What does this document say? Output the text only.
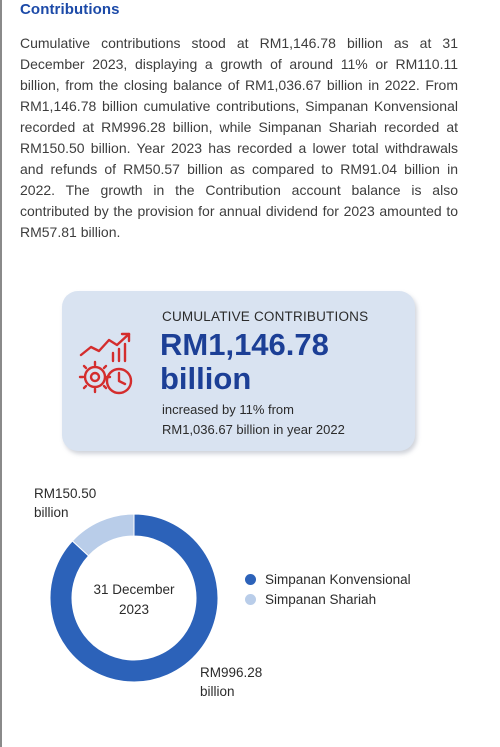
Contributions
Cumulative contributions stood at RM1,146.78 billion as at 31 December 2023, displaying a growth of around 11% or RM110.11 billion, from the closing balance of RM1,036.67 billion in 2022. From RM1,146.78 billion cumulative contributions, Simpanan Konvensional recorded at RM996.28 billion, while Simpanan Shariah recorded at RM150.50 billion. Year 2023 has recorded a lower total withdrawals and refunds of RM50.57 billion as compared to RM91.04 billion in 2022. The growth in the Contribution account balance is also contributed by the provision for annual dividend for 2023 amounted to RM57.81 billion.
CUMULATIVE CONTRIBUTIONS
RM1,146.78
billion
increased by 11% from
RM1,036.67 billion in year 2022
31 December
2023
RM150.50
billion
RM996.28
billion
Simpanan Konvensional
Simpanan Shariah
